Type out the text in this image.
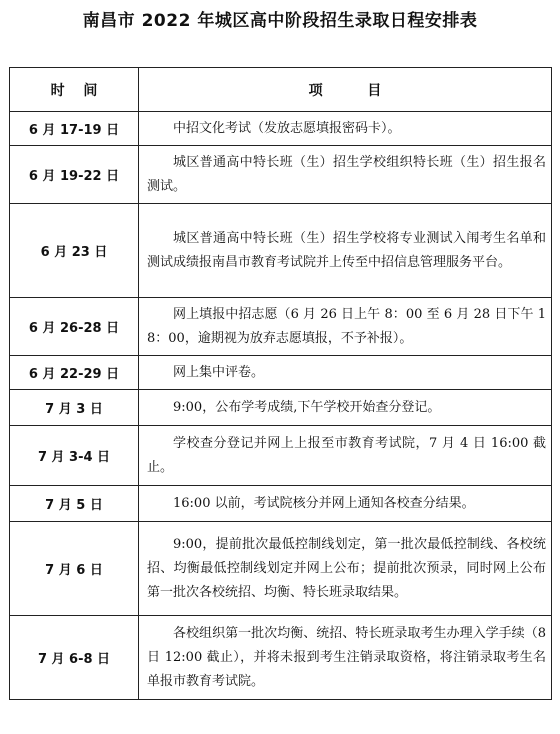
南昌市 2022 年城区高中阶段招生录取日程安排表
时 间	项 目
6 月 17-19 日	中招文化考试（发放志愿填报密码卡）。
6 月 19-22 日	城区普通高中特长班（生）招生学校组织特长班（生）招生报名测试。
6 月 23 日	城区普通高中特长班（生）招生学校将专业测试入闱考生名单和测试成绩报南昌市教育考试院并上传至中招信息管理服务平台。
6 月 26-28 日	网上填报中招志愿（6 月 26 日上午 8：00 至 6 月 28 日下午 18：00，逾期视为放弃志愿填报，不予补报）。
6 月 22-29 日	网上集中评卷。
7 月 3 日	9:00，公布学考成绩,下午学校开始查分登记。
7 月 3-4 日	学校查分登记并网上上报至市教育考试院，7 月 4 日 16:00 截止。
7 月 5 日	16:00 以前，考试院核分并网上通知各校查分结果。
7 月 6 日	9:00，提前批次最低控制线划定，第一批次最低控制线、各校统招、均衡最低控制线划定并网上公布；提前批次预录，同时网上公布第一批次各校统招、均衡、特长班录取结果。
7 月 6-8 日	各校组织第一批次均衡、统招、特长班录取考生办理入学手续（8 日 12:00 截止），并将未报到考生注销录取资格，将注销录取考生名单报市教育考试院。
